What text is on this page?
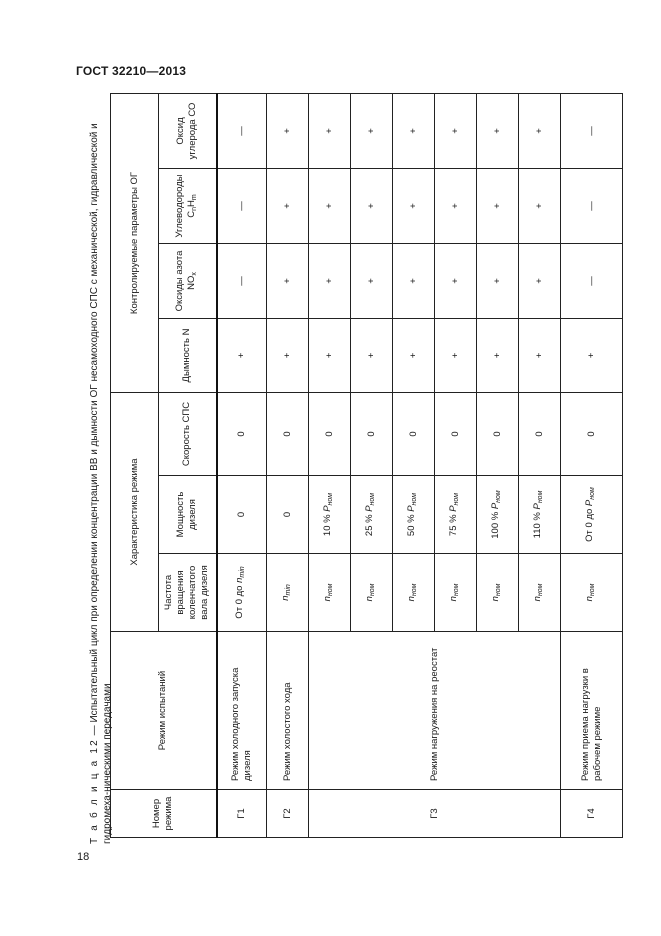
ГОСТ 32210—2013
Т а б л и ц а 12 — Испытательный цикл при определении концентрации ВВ и дымности ОГ несамоходного СПС с механической, гидравлической и гидромеха-ническими передачами	Номер режима	Режим испытаний	Характеристика режима			Контролируемые параметры ОГ			
		Частота вращения коленчатого вала дизеля	Мощность дизеля	Скорость СПС	Дымность N	Оксиды азота $NO_x$	Углеводороды $C_nH_m$	Оксид углерода СО
Г1	Режим холодного запуска дизеля	От 0 до $n_{min}$	0	0	+	—	—	—
Г2	Режим холостого хода	$n_{min}$	0	0	+	+	+	+
Г3	Режим нагружения на реостат	$n_{ном}$	10 % $P_{ном}$	0	+	+	+	+
		$n_{ном}$	25 % $P_{ном}$	0	+	+	+	+
		$n_{ном}$	50 % $P_{ном}$	0	+	+	+	+
		$n_{ном}$	75 % $P_{ном}$	0	+	+	+	+
		$n_{ном}$	100 % $P_{ном}$	0	+	+	+	+
		$n_{ном}$	110 % $P_{ном}$	0	+	+	+	+
Г4	Режим приема нагрузки в рабочем режиме	$n_{ном}$	От 0 до $P_{ном}$	0	+	—	—	—
18
